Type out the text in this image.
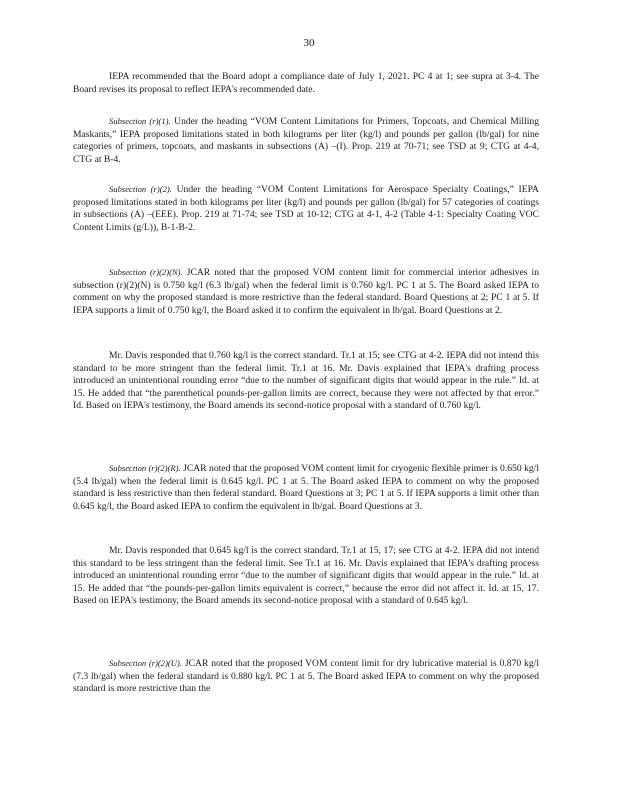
30

IEPA recommended that the Board adopt a compliance date of July 1, 2021. PC 4 at 1; see supra at 3-4. The Board revises its proposal to reflect IEPA's recommended date.

Subsection (r)(1). Under the heading “VOM Content Limitations for Primers, Topcoats, and Chemical Milling Maskants,” IEPA proposed limitations stated in both kilograms per liter (kg/l) and pounds per gallon (lb/gal) for nine categories of primers, topcoats, and maskants in subsections (A) –(I). Prop. 219 at 70-71; see TSD at 9; CTG at 4-4, CTG at B-4.

Subsection (r)(2). Under the heading “VOM Content Limitations for Aerospace Specialty Coatings,” IEPA proposed limitations stated in both kilograms per liter (kg/l) and pounds per gallon (lb/gal) for 57 categories of coatings in subsections (A) –(EEE). Prop. 219 at 71-74; see TSD at 10-12; CTG at 4-1, 4-2 (Table 4-1: Specialty Coating VOC Content Limits (g/L)), B-1-B-2.

Subsection (r)(2)(N). JCAR noted that the proposed VOM content limit for commercial interior adhesives in subsection (r)(2)(N) is 0.750 kg/l (6.3 lb/gal) when the federal limit is 0.760 kg/l. PC 1 at 5. The Board asked IEPA to comment on why the proposed standard is more restrictive than the federal standard. Board Questions at 2; PC 1 at 5. If IEPA supports a limit of 0.750 kg/l, the Board asked it to confirm the equivalent in lb/gal. Board Questions at 2.

Mr. Davis responded that 0.760 kg/l is the correct standard. Tr.1 at 15; see CTG at 4-2. IEPA did not intend this standard to be more stringent than the federal limit. Tr.1 at 16. Mr. Davis explained that IEPA's drafting process introduced an unintentional rounding error “due to the number of significant digits that would appear in the rule.” Id. at 15. He added that “the parenthetical pounds-per-gallon limits are correct, because they were not affected by that error.” Id. Based on IEPA's testimony, the Board amends its second-notice proposal with a standard of 0.760 kg/l.

Subsection (r)(2)(R). JCAR noted that the proposed VOM content limit for cryogenic flexible primer is 0.650 kg/l (5.4 lb/gal) when the federal limit is 0.645 kg/l. PC 1 at 5. The Board asked IEPA to comment on why the proposed standard is less restrictive than then federal standard. Board Questions at 3; PC 1 at 5. If IEPA supports a limit other than 0.645 kg/l, the Board asked IEPA to confirm the equivalent in lb/gal. Board Questions at 3.

Mr. Davis responded that 0.645 kg/l is the correct standard. Tr.1 at 15, 17; see CTG at 4-2. IEPA did not intend this standard to be less stringent than the federal limit. See Tr.1 at 16. Mr. Davis explained that IEPA's drafting process introduced an unintentional rounding error “due to the number of significant digits that would appear in the rule.” Id. at 15. He added that “the pounds-per-gallon limits equivalent is correct,” because the error did not affect it. Id. at 15, 17. Based on IEPA's testimony, the Board amends its second-notice proposal with a standard of 0.645 kg/l.

Subsection (r)(2)(U). JCAR noted that the proposed VOM content limit for dry lubricative material is 0.870 kg/l (7.3 lb/gal) when the federal standard is 0.880 kg/l. PC 1 at 5. The Board asked IEPA to comment on why the proposed standard is more restrictive than the
